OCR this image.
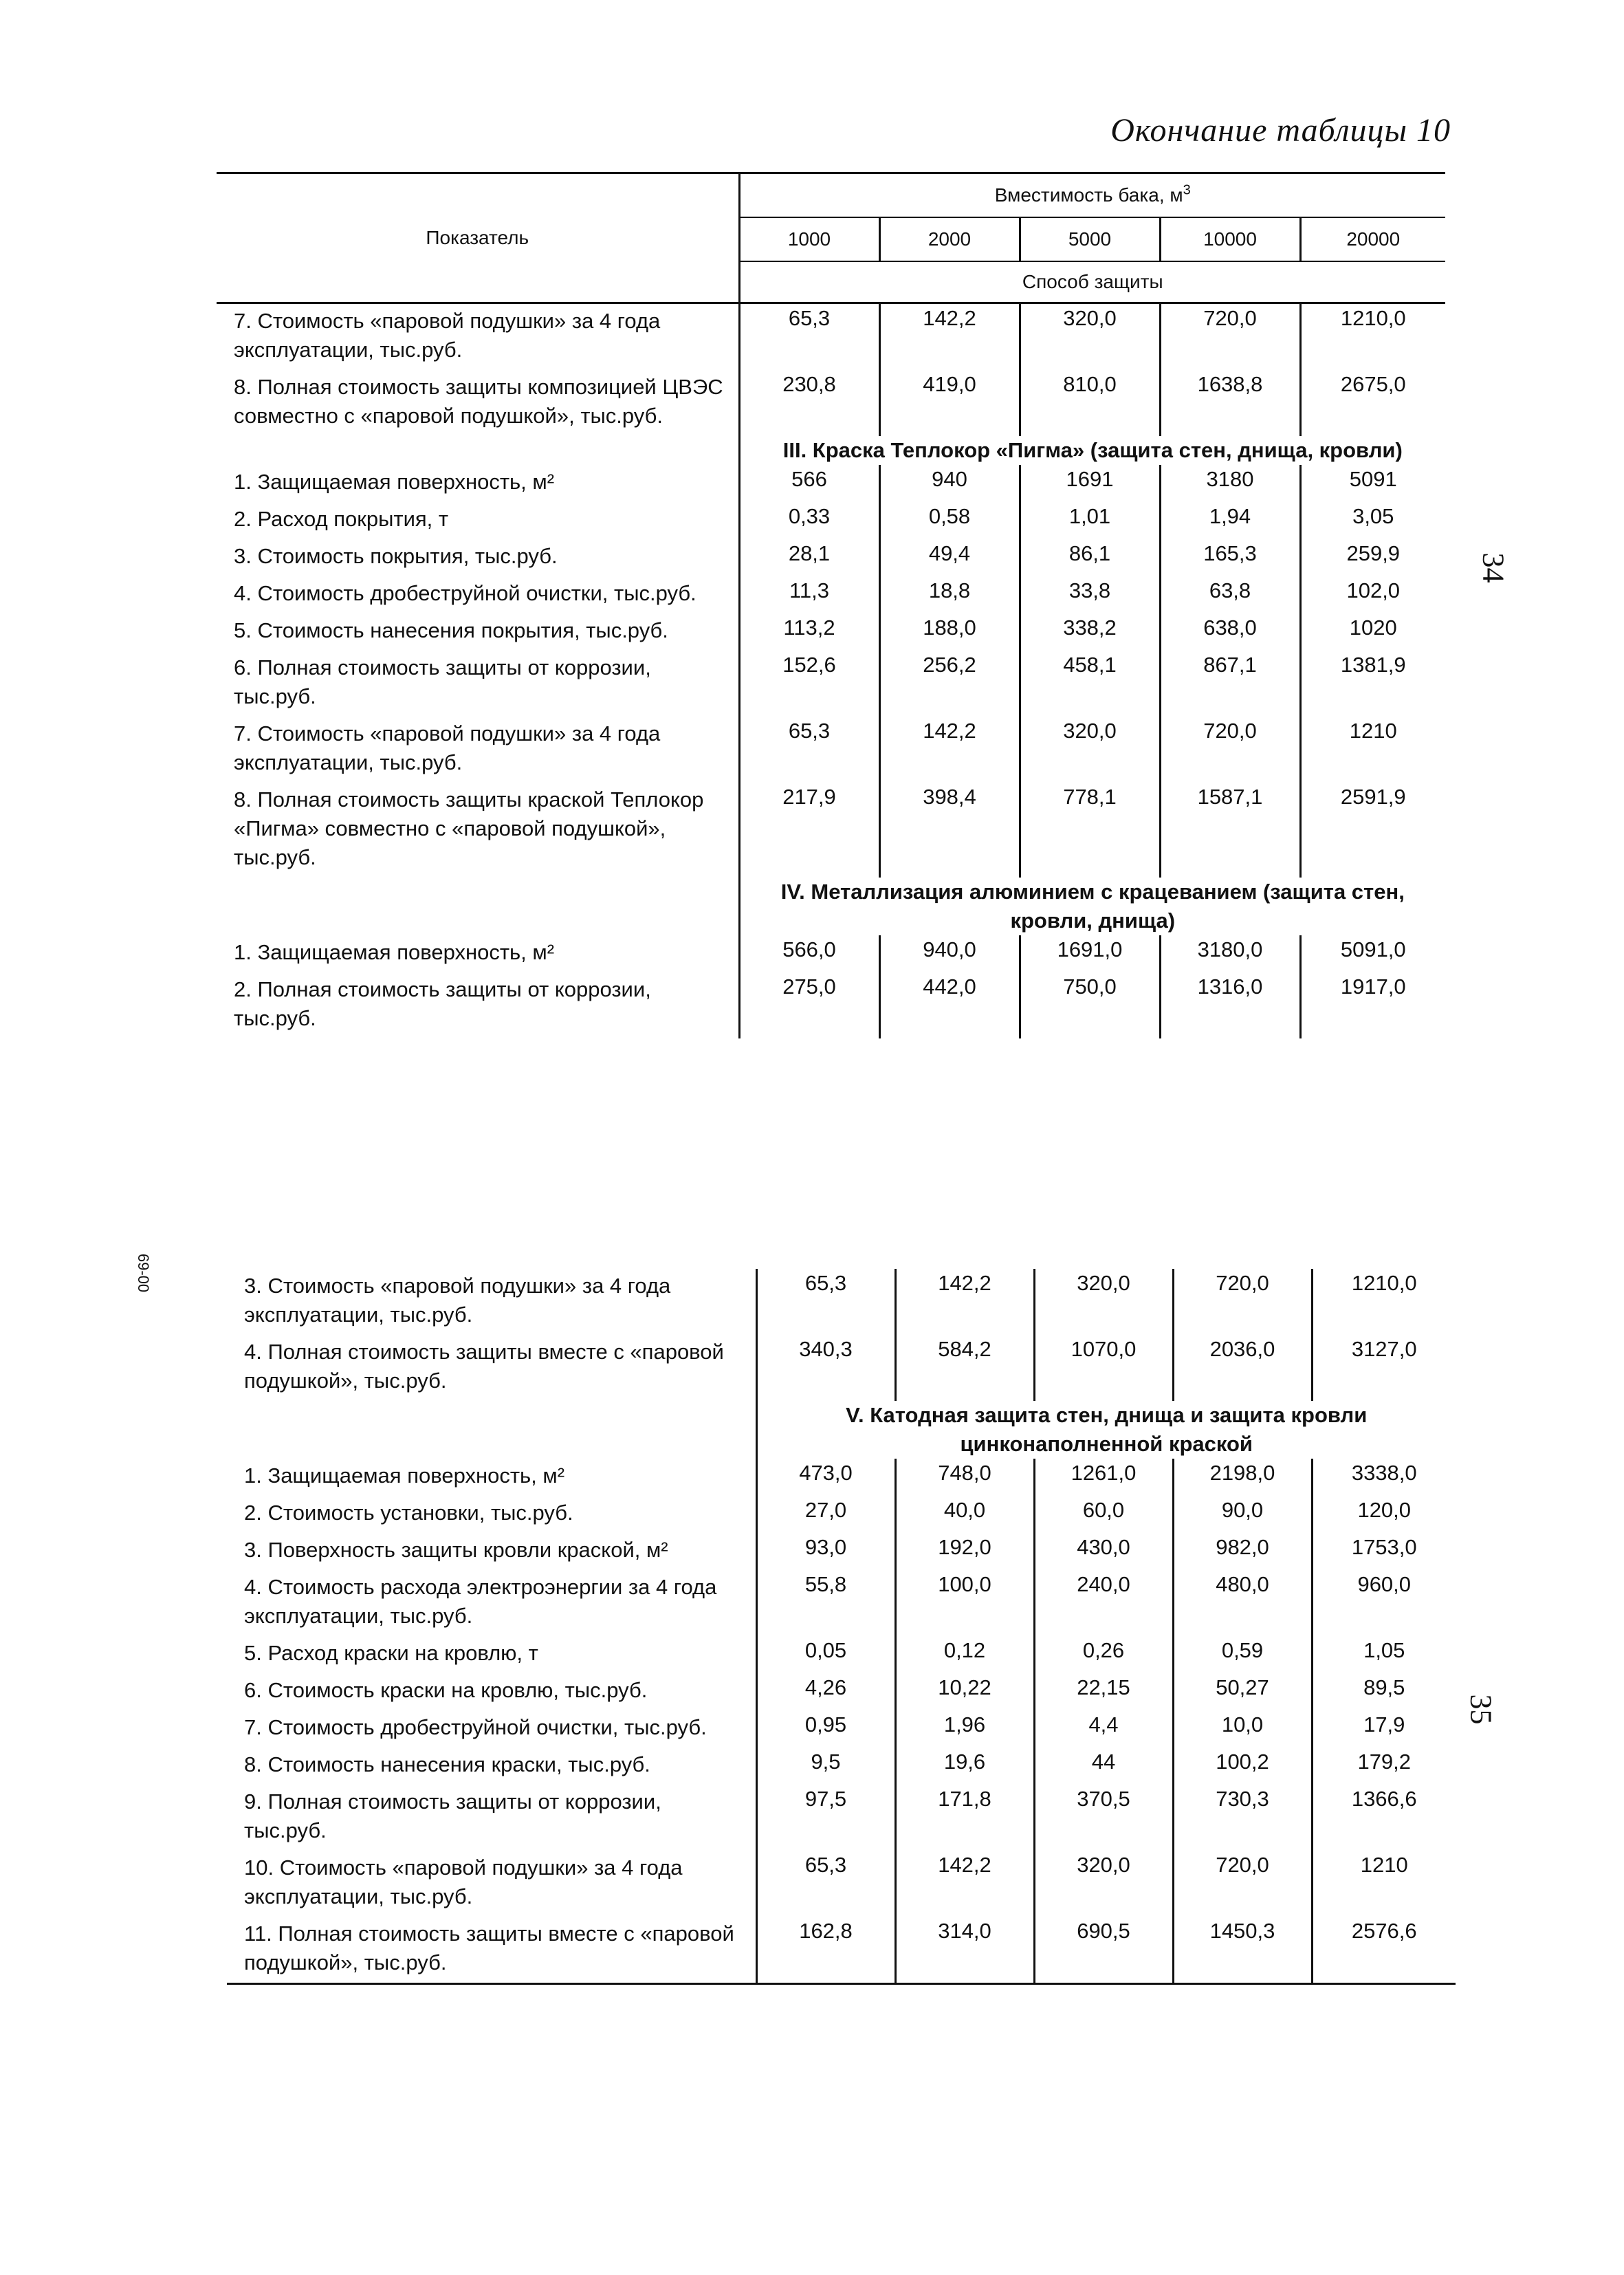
Окончание таблицы 10
34
35
69-00
Показатель	Вместимость бака, $м^3$
	1000	2000	5000	10000	20000
	Способ защиты				
7. Стоимость «паровой подушки» за 4 года эксплуатации, тыс.руб.	65,3	142,2	320,0	720,0	1210,0
8. Полная стоимость защиты композицией ЦВЭС совместно с «паровой подушкой», тыс.руб.	230,8	419,0	810,0	1638,8	2675,0
	III. Краска Теплокор «Пигма» (защита стен, днища, кровли)				
1. Защищаемая поверхность, м²	566	940	1691	3180	5091
2. Расход покрытия, т	0,33	0,58	1,01	1,94	3,05
3. Стоимость покрытия, тыс.руб.	28,1	49,4	86,1	165,3	259,9
4. Стоимость дробеструйной очистки, тыс.руб.	11,3	18,8	33,8	63,8	102,0
5. Стоимость нанесения покрытия, тыс.руб.	113,2	188,0	338,2	638,0	1020
6. Полная стоимость защиты от коррозии, тыс.руб.	152,6	256,2	458,1	867,1	1381,9
7. Стоимость «паровой подушки» за 4 года эксплуатации, тыс.руб.	65,3	142,2	320,0	720,0	1210
8. Полная стоимость защиты краской Теплокор «Пигма» совместно с «паровой подушкой», тыс.руб.	217,9	398,4	778,1	1587,1	2591,9
	IV. Металлизация алюминием с крацеванием (защита стен, кровли, днища)				
1. Защищаемая поверхность, м²	566,0	940,0	1691,0	3180,0	5091,0
2. Полная стоимость защиты от коррозии, тыс.руб.	275,0	442,0	750,0	1316,0	1917,0
3. Стоимость «паровой подушки» за 4 года эксплуатации, тыс.руб.	65,3	142,2	320,0	720,0	1210,0
4. Полная стоимость защиты вместе с «паровой подушкой», тыс.руб.	340,3	584,2	1070,0	2036,0	3127,0
	V. Катодная защита стен, днища и защита кровли цинконаполненной краской				
1. Защищаемая поверхность, м²	473,0	748,0	1261,0	2198,0	3338,0
2. Стоимость установки, тыс.руб.	27,0	40,0	60,0	90,0	120,0
3. Поверхность защиты кровли краской, м²	93,0	192,0	430,0	982,0	1753,0
4. Стоимость расхода электроэнергии за 4 года эксплуатации, тыс.руб.	55,8	100,0	240,0	480,0	960,0
5. Расход краски на кровлю, т	0,05	0,12	0,26	0,59	1,05
6. Стоимость краски на кровлю, тыс.руб.	4,26	10,22	22,15	50,27	89,5
7. Стоимость дробеструйной очистки, тыс.руб.	0,95	1,96	4,4	10,0	17,9
8. Стоимость нанесения краски, тыс.руб.	9,5	19,6	44	100,2	179,2
9. Полная стоимость защиты от коррозии, тыс.руб.	97,5	171,8	370,5	730,3	1366,6
10. Стоимость «паровой подушки» за 4 года эксплуатации, тыс.руб.	65,3	142,2	320,0	720,0	1210
11. Полная стоимость защиты вместе с «паровой подушкой», тыс.руб.	162,8	314,0	690,5	1450,3	2576,6
